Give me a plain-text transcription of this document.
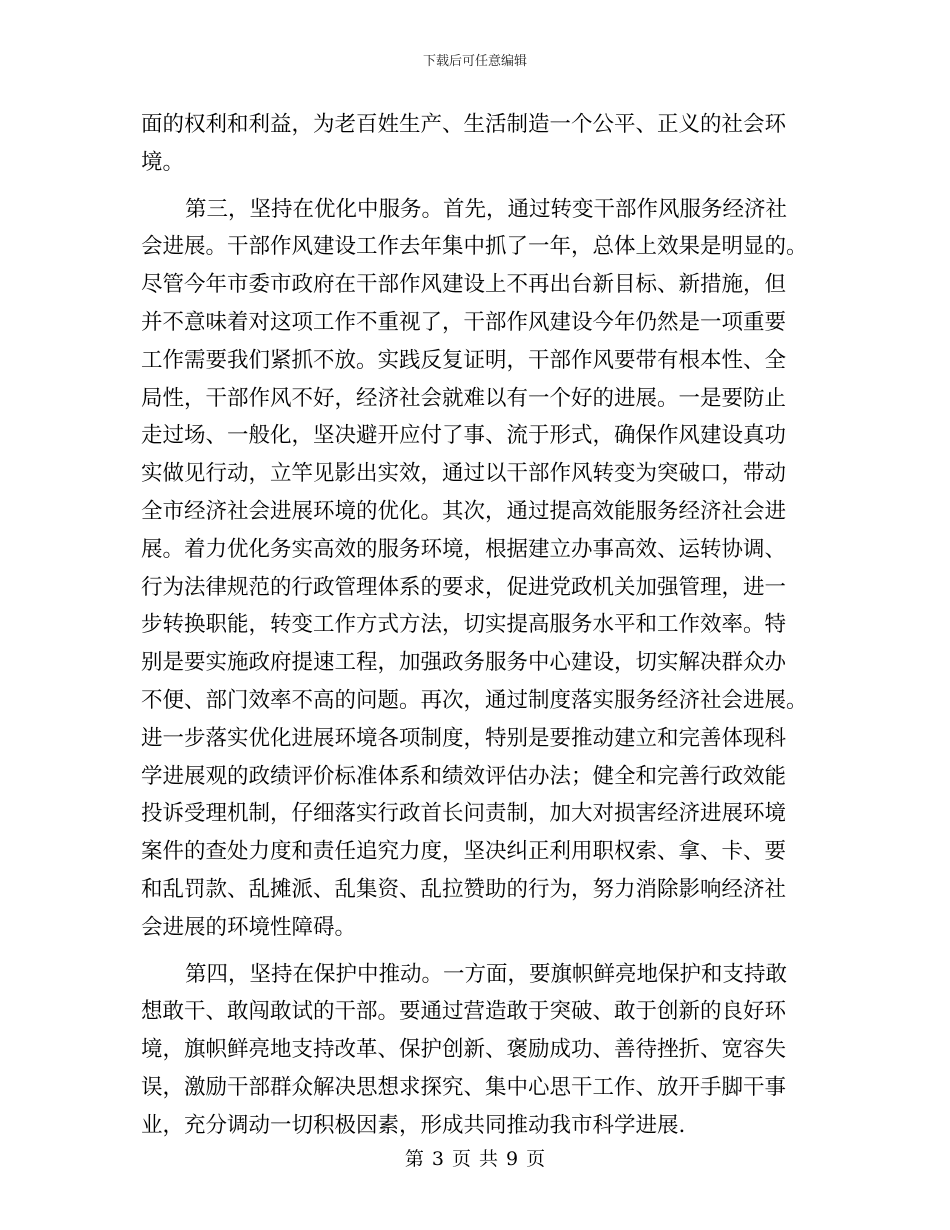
下载后可任意编辑
面的权利和利益，为老百姓生产、生活制造一个公平、正义的社会环
境。
第三，坚持在优化中服务。首先，通过转变干部作风服务经济社
会进展。干部作风建设工作去年集中抓了一年，总体上效果是明显的。
尽管今年市委市政府在干部作风建设上不再出台新目标、新措施，但
并不意味着对这项工作不重视了，干部作风建设今年仍然是一项重要
工作需要我们紧抓不放。实践反复证明，干部作风要带有根本性、全
局性，干部作风不好，经济社会就难以有一个好的进展。一是要防止
走过场、一般化，坚决避开应付了事、流于形式，确保作风建设真功
实做见行动，立竿见影出实效，通过以干部作风转变为突破口，带动
全市经济社会进展环境的优化。其次，通过提高效能服务经济社会进
展。着力优化务实高效的服务环境，根据建立办事高效、运转协调、
行为法律规范的行政管理体系的要求，促进党政机关加强管理，进一
步转换职能，转变工作方式方法，切实提高服务水平和工作效率。特
别是要实施政府提速工程，加强政务服务中心建设，切实解决群众办
不便、部门效率不高的问题。再次，通过制度落实服务经济社会进展。
进一步落实优化进展环境各项制度，特别是要推动建立和完善体现科
学进展观的政绩评价标准体系和绩效评估办法；健全和完善行政效能
投诉受理机制，仔细落实行政首长问责制，加大对损害经济进展环境
案件的查处力度和责任追究力度，坚决纠正利用职权索、拿、卡、要
和乱罚款、乱摊派、乱集资、乱拉赞助的行为，努力消除影响经济社
会进展的环境性障碍。
第四，坚持在保护中推动。一方面，要旗帜鲜亮地保护和支持敢
想敢干、敢闯敢试的干部。要通过营造敢于突破、敢于创新的良好环
境，旗帜鲜亮地支持改革、保护创新、褒励成功、善待挫折、宽容失
误，激励干部群众解决思想求探究、集中心思干工作、放开手脚干事
业，充分调动一切积极因素，形成共同推动我市科学进展.
第 3 页 共 9 页
